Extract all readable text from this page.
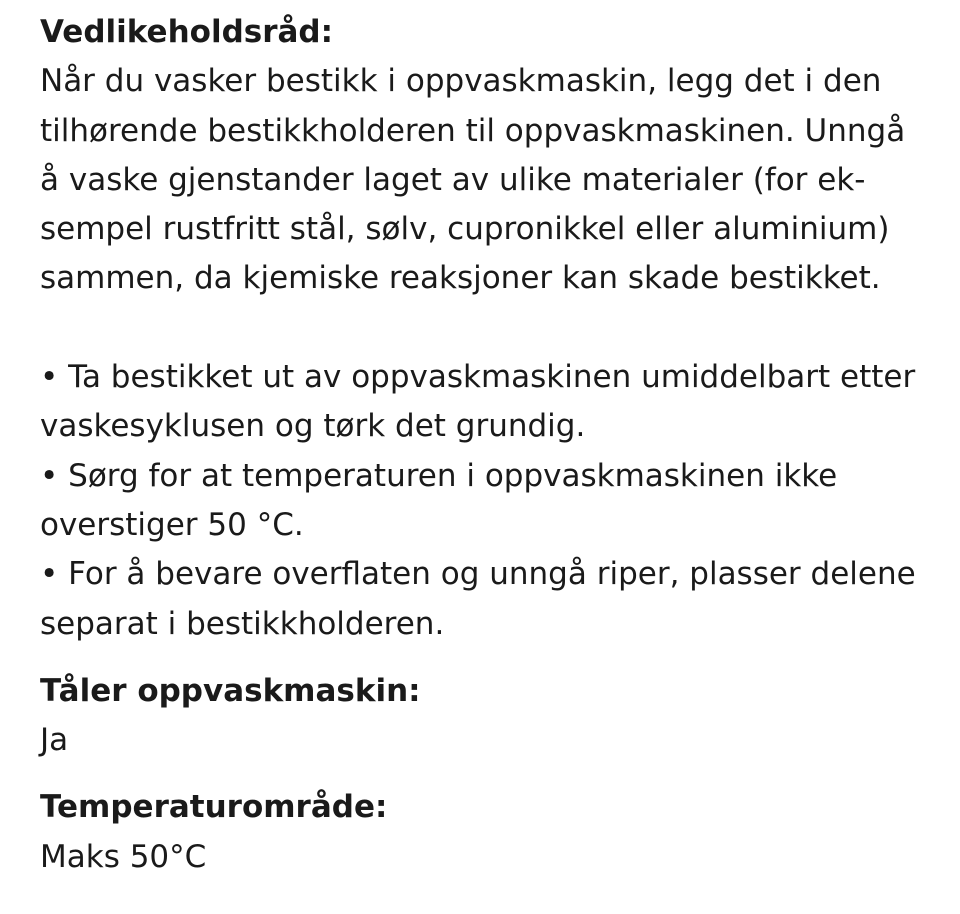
Vedlikeholdsråd:

Når du vasker bestikk i oppvaskmaskin, legg det i den

tilhørende bestikkholderen til oppvaskmaskinen. Unngå

å vaske gjenstander laget av ulike materialer (for ek-

sempel rustfritt stål, sølv, cupronikkel eller aluminium)

sammen, da kjemiske reaksjoner kan skade bestikket.

• Ta bestikket ut av oppvaskmaskinen umiddelbart etter

vaskesyklusen og tørk det grundig.

• Sørg for at temperaturen i oppvaskmaskinen ikke

overstiger 50 °C.

• For å bevare overflaten og unngå riper, plasser delene

separat i bestikkholderen.

Tåler oppvaskmaskin:

Ja

Temperaturområde:

Maks 50°C
